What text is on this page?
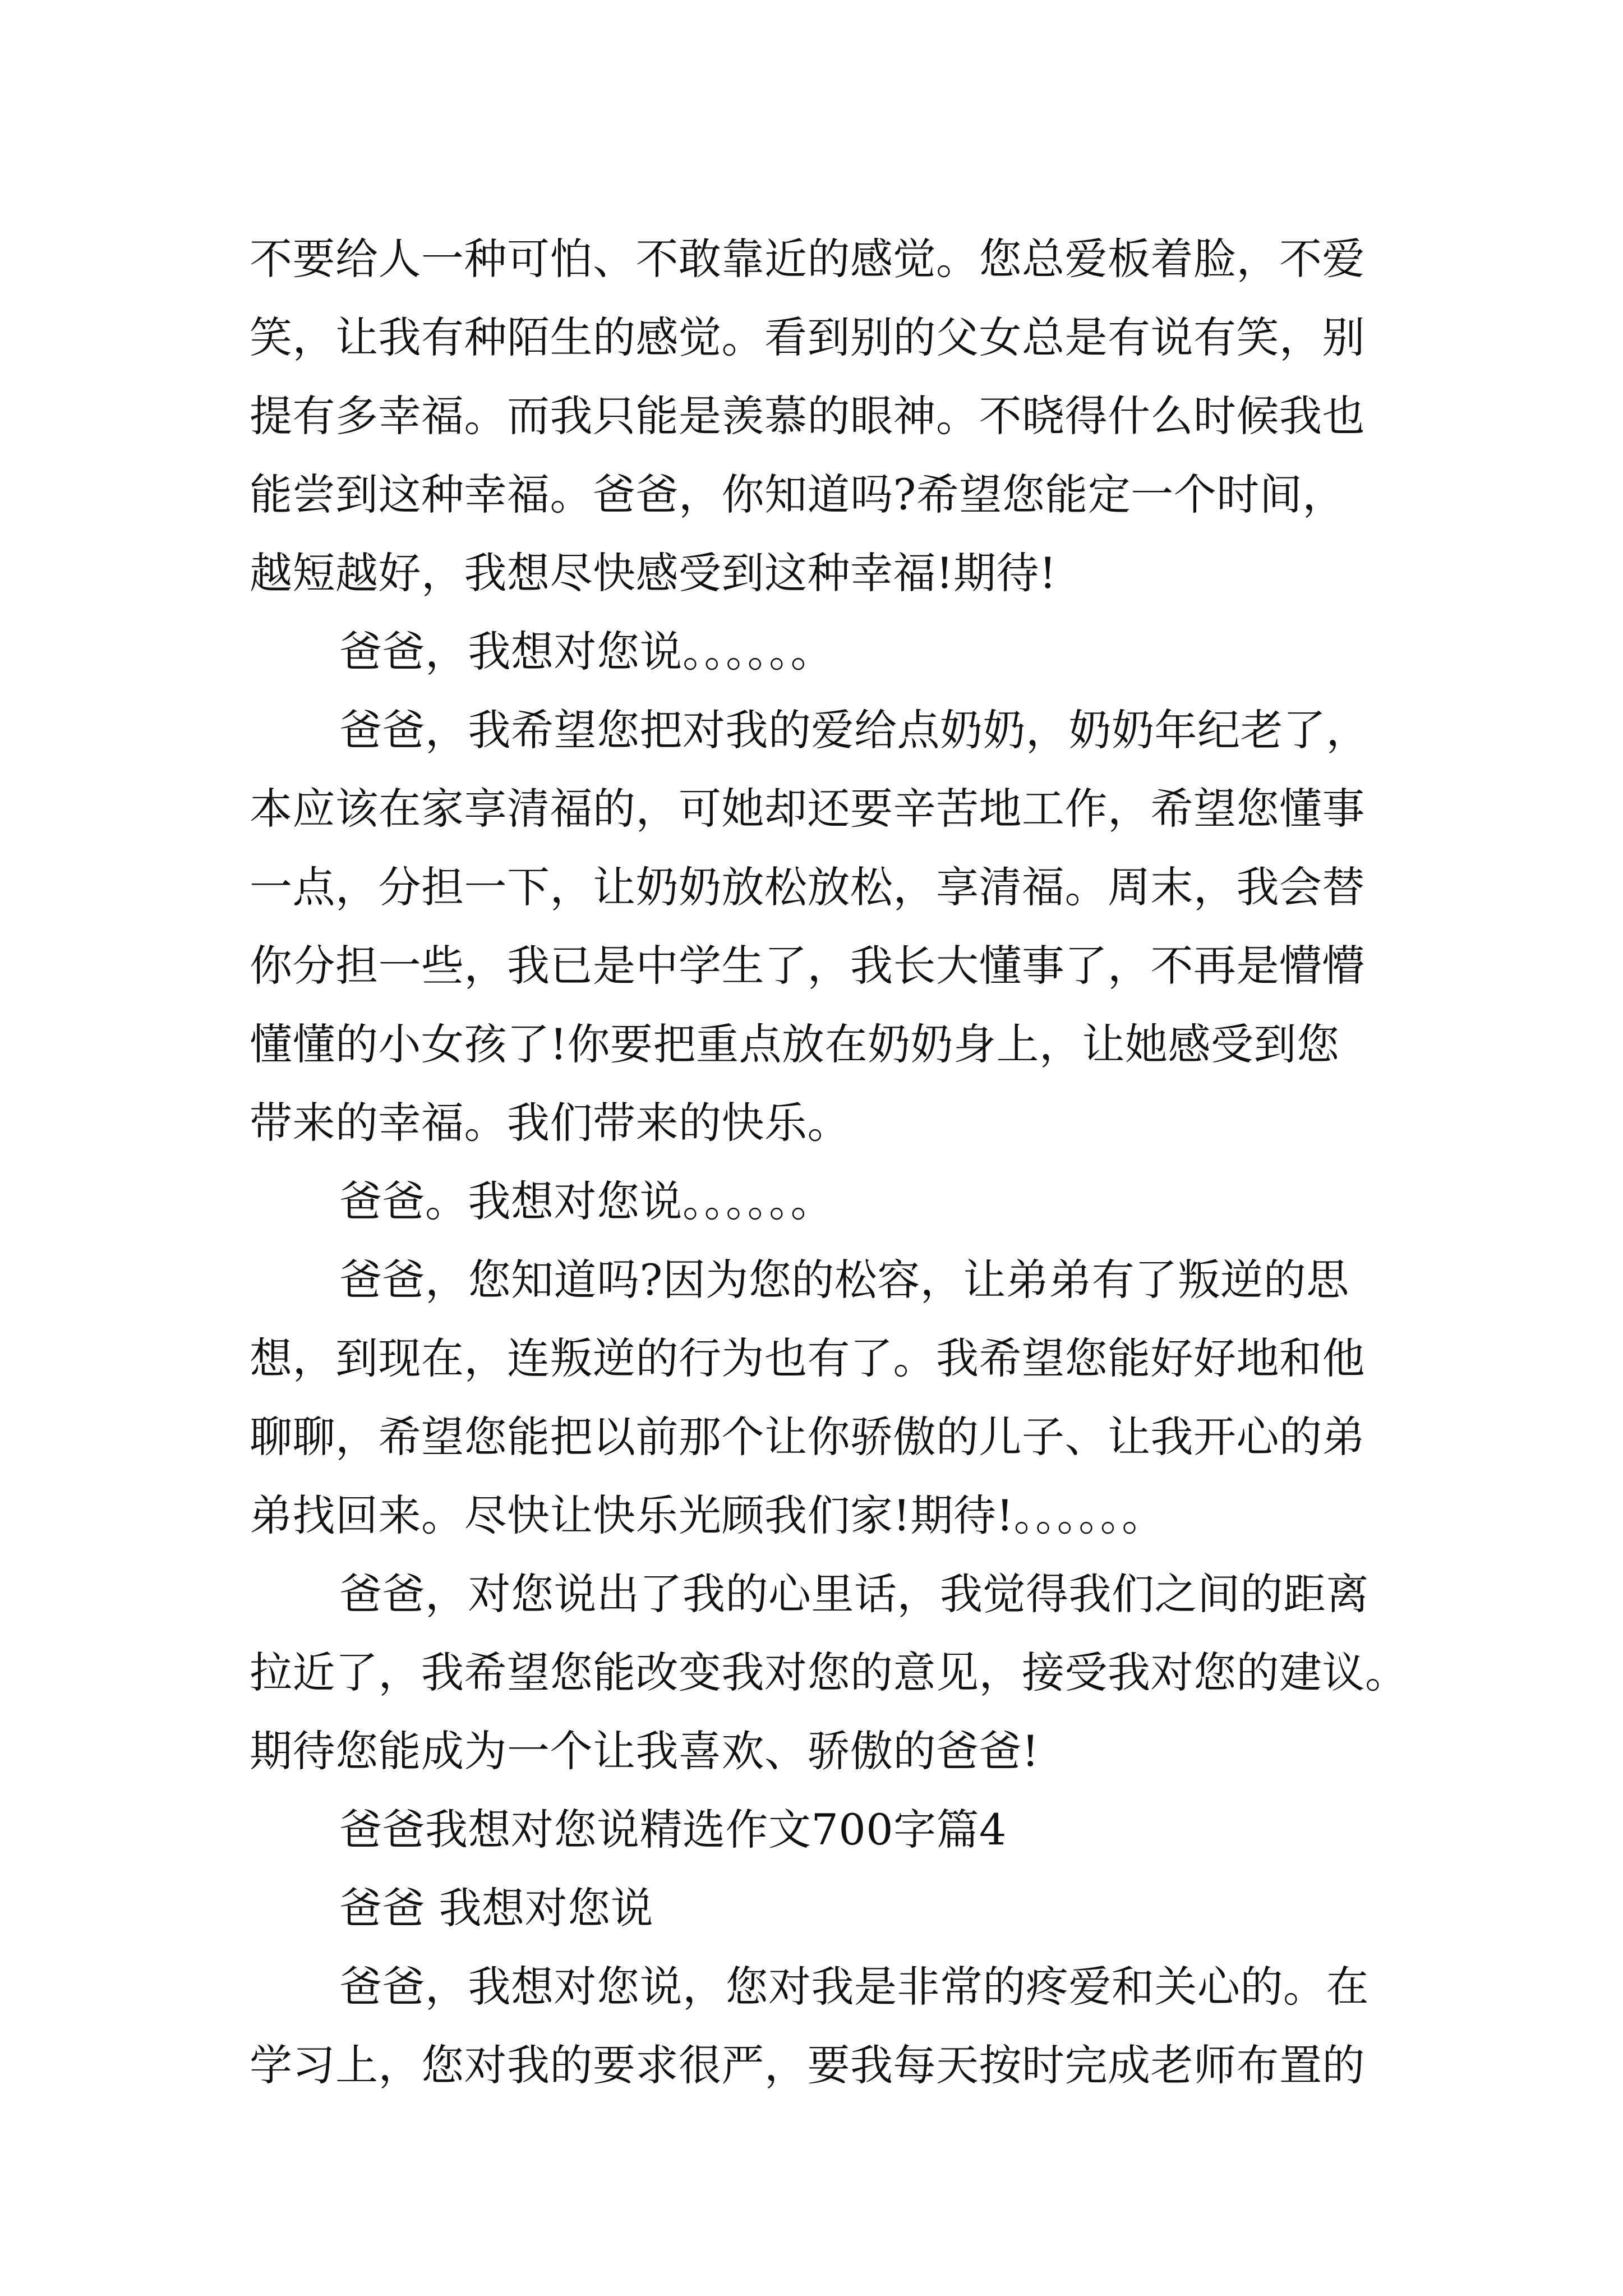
不要给人一种可怕、不敢靠近的感觉。您总爱板着脸，不爱
笑，让我有种陌生的感觉。看到别的父女总是有说有笑，别
提有多幸福。而我只能是羡慕的眼神。不晓得什么时候我也
能尝到这种幸福。爸爸，你知道吗?希望您能定一个时间，
越短越好，我想尽快感受到这种幸福!期待!
爸爸，我想对您说。。。。。。
爸爸，我希望您把对我的爱给点奶奶，奶奶年纪老了，
本应该在家享清福的，可她却还要辛苦地工作，希望您懂事
一点，分担一下，让奶奶放松放松，享清福。周末，我会替
你分担一些，我已是中学生了，我长大懂事了，不再是懵懵
懂懂的小女孩了!你要把重点放在奶奶身上，让她感受到您
带来的幸福。我们带来的快乐。
爸爸。我想对您说。。。。。。
爸爸，您知道吗?因为您的松容，让弟弟有了叛逆的思
想，到现在，连叛逆的行为也有了。我希望您能好好地和他
聊聊，希望您能把以前那个让你骄傲的儿子、让我开心的弟
弟找回来。尽快让快乐光顾我们家!期待!。。。。。。
爸爸，对您说出了我的心里话，我觉得我们之间的距离
拉近了，我希望您能改变我对您的意见，接受我对您的建议。
期待您能成为一个让我喜欢、骄傲的爸爸!
爸爸我想对您说精选作文700字篇4
爸爸 我想对您说
爸爸，我想对您说，您对我是非常的疼爱和关心的。在
学习上，您对我的要求很严，要我每天按时完成老师布置的
